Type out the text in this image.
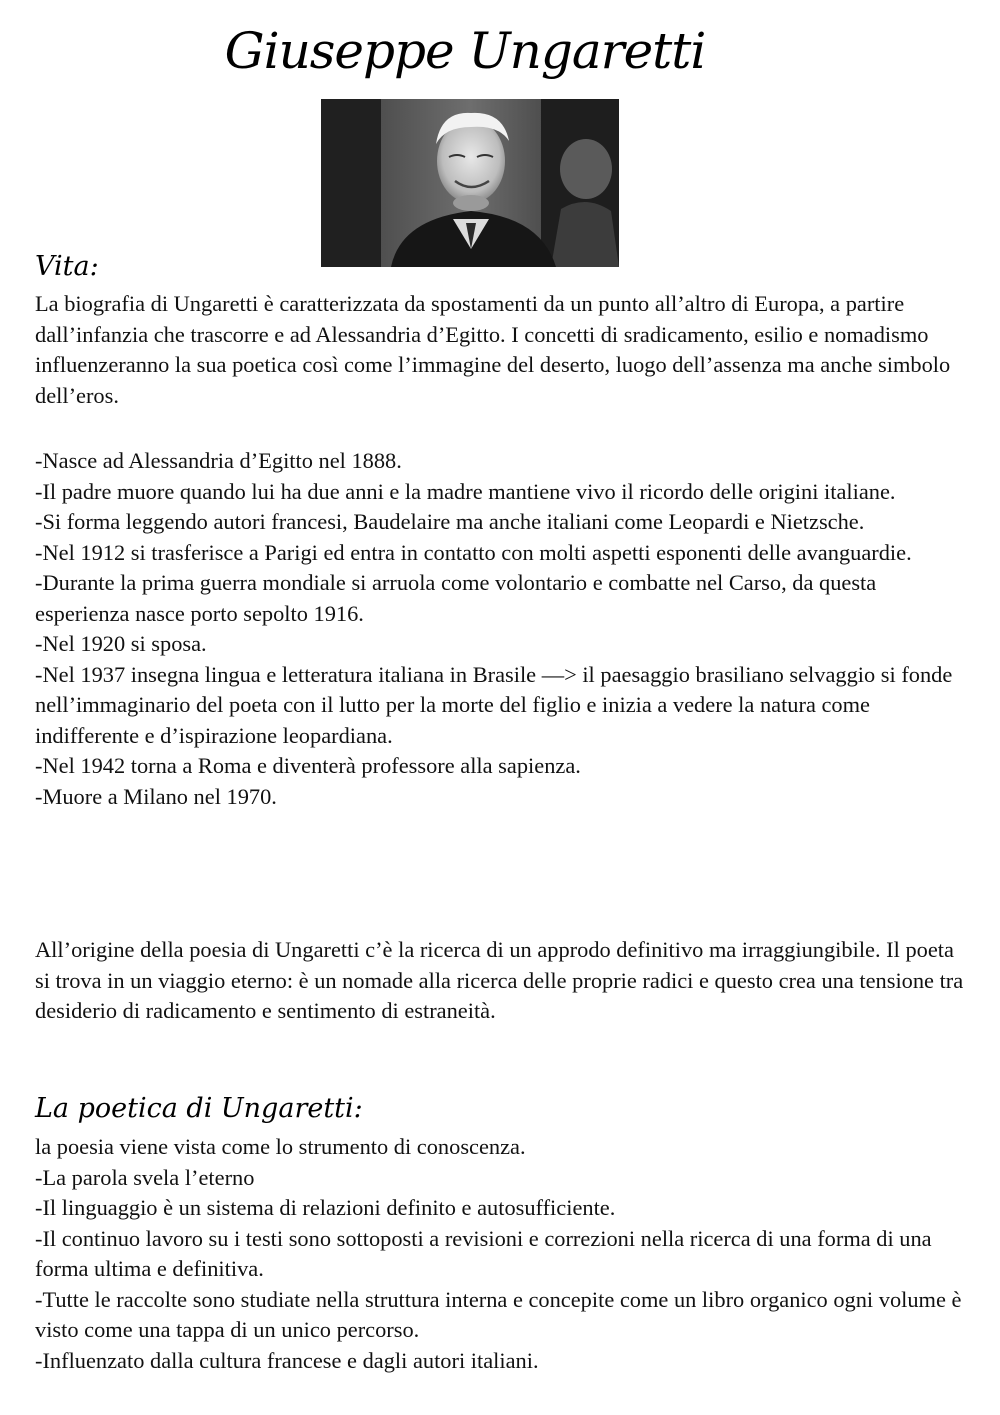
Giuseppe Ungaretti
Vita:

La biografia di Ungaretti è caratterizzata da spostamenti da un punto all’altro di Europa, a partire dall’infanzia che trascorre e ad Alessandria d’Egitto. I concetti di sradicamento, esilio e nomadismo influenzeranno la sua poetica così come l’immagine del deserto, luogo dell’assenza ma anche simbolo dell’eros.

-Nasce ad Alessandria d’Egitto nel 1888.

-Il padre muore quando lui ha due anni e la madre mantiene vivo il ricordo delle origini italiane.

-Si forma leggendo autori francesi, Baudelaire ma anche italiani come Leopardi e Nietzsche.

-Nel 1912 si trasferisce a Parigi ed entra in contatto con molti aspetti esponenti delle avanguardie.

-Durante la prima guerra mondiale si arruola come volontario e combatte nel Carso, da questa esperienza nasce porto sepolto 1916.

-Nel 1920 si sposa.

-Nel 1937 insegna lingua e letteratura italiana in Brasile —> il paesaggio brasiliano selvaggio si fonde nell’immaginario del poeta con il lutto per la morte del figlio e inizia a vedere la natura come indifferente e d’ispirazione leopardiana.

-Nel 1942 torna a Roma e diventerà professore alla sapienza.

-Muore a Milano nel 1970.

All’origine della poesia di Ungaretti c’è la ricerca di un approdo definitivo ma irraggiungibile. Il poeta si trova in un viaggio eterno: è un nomade alla ricerca delle proprie radici e questo crea una tensione tra desiderio di radicamento e sentimento di estraneità.

La poetica di Ungaretti:

la poesia viene vista come lo strumento di conoscenza.

-La parola svela l’eterno

-Il linguaggio è un sistema di relazioni definito e autosufficiente.

-Il continuo lavoro su i testi sono sottoposti a revisioni e correzioni nella ricerca di una forma di una forma ultima e definitiva.

-Tutte le raccolte sono studiate nella struttura interna e concepite come un libro organico ogni volume è visto come una tappa di un unico percorso.

-Influenzato dalla cultura francese e dagli autori italiani.
